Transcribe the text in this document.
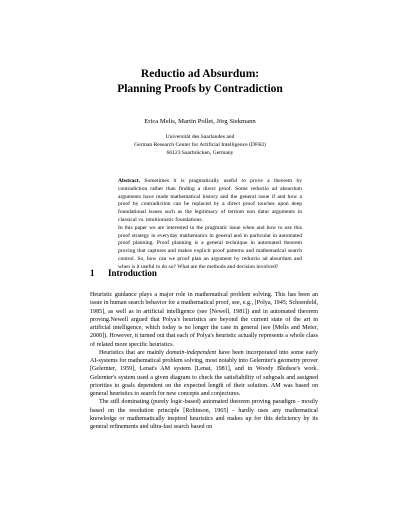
Reductio ad Absurdum:
Planning Proofs by Contradiction
Erica Melis, Martin Pollet, Jörg Siekmann
Universität des Saarlandes and
German Research Center for Artificial Intelligence (DFKI)
66123 Saarbrücken, Germany

Abstract. Sometimes it is pragmatically useful to prove a theorem by contradiction rather than finding a direct proof. Some reductio ad absurdum arguments have made mathematical history and the general issue if and how a proof by contradiction can be replaced by a direct proof touches upon deep foundational issues such as the legitimacy of tertium non datur arguments in classical vs. intuitionistic foundations.

In this paper we are interested in the pragmatic issue when and how to use this proof strategy in everyday mathematics in general and in particular in automated proof planning. Proof planning is a general technique in automated theorem proving that captures and makes explicit proof patterns and mathematical search control. So, how can we proof plan an argument by reductio ad absurdum and when is it useful to do so? What are the methods and decision involved?

1 Introduction

Heuristic guidance plays a major role in mathematical problem solving. This has been an issue in human search behavior for a mathematical proof, see, e.g., [Polya, 1945; Schoenfeld, 1985], as well as in artificial intelligence (see [Newell, 1981]) and in automated theorem proving.Newell argued that Polya's heuristics are beyond the current state of the art in artificial intelligence, which today is no longer the case in general (see [Melis and Meier, 2000]). However, it turned out that each of Polya's heuristic actually represents a whole class of related more specific heuristics.

Heuristics that are mainly domain-independent have been incorporated into some early AI-systems for mathematical problem solving, most notably into Gelernter's geometry prover [Gelernter, 1959], Lenat's AM system [Lenat, 1981], and in Woody Bledsoe's work. Gelernter's system used a given diagram to check the satisfiability of subgoals and assigned priorities to goals dependent on the expected length of their solution. AM was based on general heuristics to search for new concepts and conjectures.

The still dominating (purely logic-based) automated theorem proving paradigm - mostly based on the resolution principle [Robinson, 1965] - hardly uses any mathematical knowledge or mathematically inspired heuristics and makes up for this deficiency by its general refinements and ultra-fast search based on
